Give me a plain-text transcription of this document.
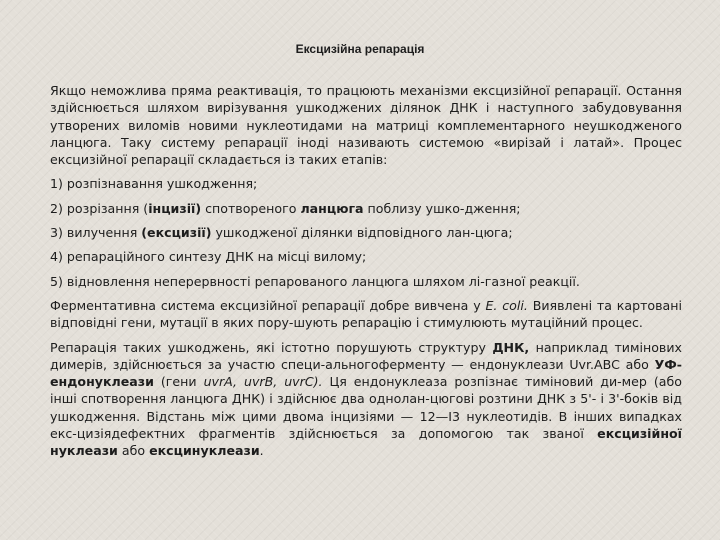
Ексцизійна репарація

Якщо неможлива пряма реактивація, то працюють механізми ексцизійної репарації. Остання здійснюється шляхом вирізування ушкоджених ділянок ДНК і наступного забудовування утворених виломів новими нуклеотидами на матриці комплементарного неушкодженого ланцюга. Таку систему репарації іноді називають системою «вирізай і латай». Процес ексцизійної репарації складається із таких етапів:

1) розпізнавання ушкодження;

2) розрізання (інцизії) спотвореного ланцюга поблизу ушко-дження;

3) вилучення (ексцизії) ушкодженої ділянки відповідного лан-цюга;

4) репараційного синтезу ДНК на місці вилому;

5) відновлення неперервності репарованого ланцюга шляхом лі-газної реакції.

Ферментативна система ексцизійної репарації добре вивчена у E. coli. Виявлені та картовані відповідні гени, мутації в яких пору-шують репарацію і стимулюють мутаційний процес.

Репарація таких ушкоджень, які істотно порушують структуру ДНК, наприклад тимінових димерів, здійснюється за участю специ-альногоферменту — ендонуклеази Uvr.ABC або УФ-ендонуклеази (гени uvrA, uvrB, uvrC). Ця ендонуклеаза розпізнає тиміновий ди-мер (або інші спотворення ланцюга ДНК) і здійснює два однолан-цюгові розтини ДНК з 5'- і 3'-боків від ушкодження. Відстань між цими двома інцизіями — 12—I3 нуклеотидів. В інших випадках екс-цизіядефектних фрагментів здійснюється за допомогою так званої ексцизійної нуклеази або ексцинуклеази.
